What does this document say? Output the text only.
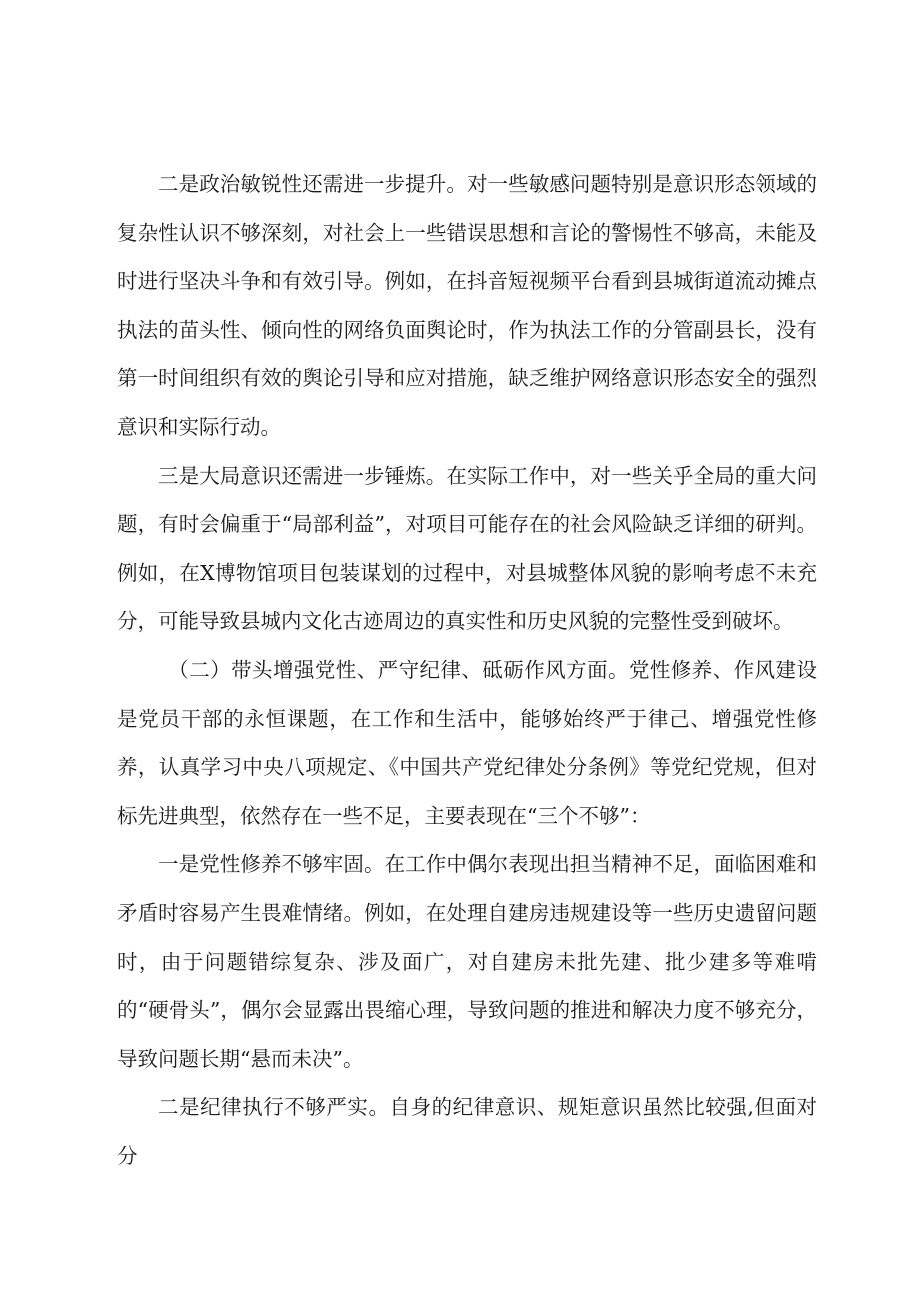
二是政治敏锐性还需进一步提升。对一些敏感问题特别是意识形态领域的复杂性认识不够深刻，对社会上一些错误思想和言论的警惕性不够高，未能及时进行坚决斗争和有效引导。例如，在抖音短视频平台看到县城街道流动摊点执法的苗头性、倾向性的网络负面舆论时，作为执法工作的分管副县长，没有第一时间组织有效的舆论引导和应对措施，缺乏维护网络意识形态安全的强烈意识和实际行动。

三是大局意识还需进一步锤炼。在实际工作中，对一些关乎全局的重大问题，有时会偏重于“局部利益”，对项目可能存在的社会风险缺乏详细的研判。例如，在X博物馆项目包装谋划的过程中，对县城整体风貌的影响考虑不未充分，可能导致县城内文化古迹周边的真实性和历史风貌的完整性受到破坏。

（二）带头增强党性、严守纪律、砥砺作风方面。党性修养、作风建设是党员干部的永恒课题，在工作和生活中，能够始终严于律己、增强党性修养，认真学习中央八项规定、《中国共产党纪律处分条例》等党纪党规，但对标先进典型，依然存在一些不足，主要表现在“三个不够”：

一是党性修养不够牢固。在工作中偶尔表现出担当精神不足，面临困难和矛盾时容易产生畏难情绪。例如，在处理自建房违规建设等一些历史遗留问题时，由于问题错综复杂、涉及面广，对自建房未批先建、批少建多等难啃的“硬骨头”，偶尔会显露出畏缩心理，导致问题的推进和解决力度不够充分，导致问题长期“悬而未决”。

二是纪律执行不够严实。自身的纪律意识、规矩意识虽然比较强,但面对分
